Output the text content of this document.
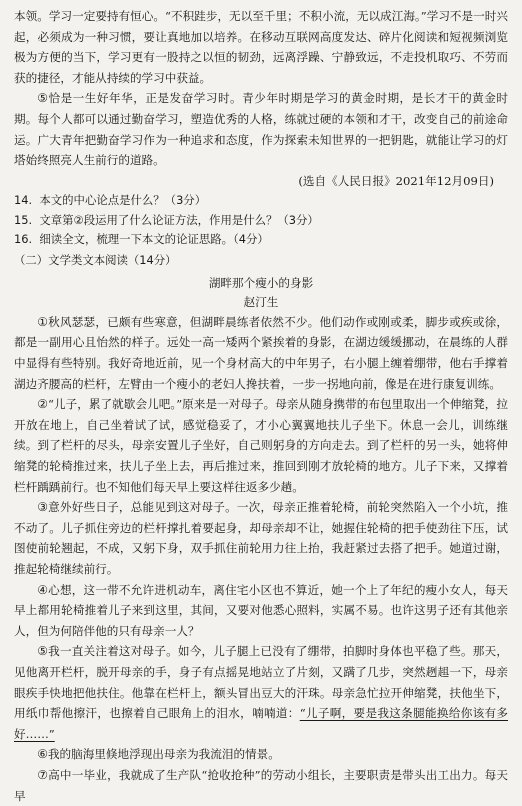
本领。学习一定要持有恒心。“不积跬步，无以至千里；不积小流，无以成江海。”学习不是一时兴起，必须成为一种习惯，要让真地加以培养。在移动互联网高度发达、碎片化阅读和短视频浏览极为方便的当下，学习更有一股持之以恒的韧劲，远离浮躁、宁静致远，不走投机取巧、不劳而获的捷径，才能从持续的学习中获益。

⑤恰是一生好年华，正是发奋学习时。青少年时期是学习的黄金时期，是长才干的黄金时期。每个人都可以通过勤奋学习，塑造优秀的人格，练就过硬的本领和才干，改变自己的前途命运。广大青年把勤奋学习作为一种追求和态度，作为探索未知世界的一把钥匙，就能让学习的灯塔始终照亮人生前行的道路。

(选自《人民日报》2021年12月09日)

14. 本文的中心论点是什么？（3分）

15. 文章第②段运用了什么论证方法，作用是什么？（3分）

16. 细读全文，梳理一下本文的论证思路。（4分）

（二）文学类文本阅读（14分）

湖畔那个瘦小的身影

赵汀生

①秋风瑟瑟，已颇有些寒意，但湖畔晨练者依然不少。他们动作或刚或柔，脚步或疾或徐，都是一副用心且怡然的样子。远处一高一矮两个紧挨着的身影，在湖边缓缓挪动，在晨练的人群中显得有些特别。我好奇地近前，见一个身材高大的中年男子，右小腿上缠着绷带，他右手撑着湖边齐腰高的栏杆，左臂由一个瘦小的老妇人搀扶着，一步一拐地向前，像是在进行康复训练。

②“儿子，累了就歇会儿吧。”原来是一对母子。母亲从随身携带的布包里取出一个伸缩凳，拉开放在地上，自己坐着试了试，感觉稳妥了，才小心翼翼地扶儿子坐下。休息一会儿，训练继续。到了栏杆的尽头，母亲安置儿子坐好，自己则躬身的方向走去。到了栏杆的另一头，她将伸缩凳的轮椅推过来，扶儿子坐上去，再后推过来，推回到刚才放轮椅的地方。儿子下来，又撑着栏杆踽踽前行。也不知他们每天早上要这样往返多少趟。

③意外好些日子，总能见到这对母子。一次，母亲正推着轮椅，前轮突然陷入一个小坑，推不动了。儿子抓住旁边的栏杆撑扎着要起身，却母亲却不让，她握住轮椅的把手使劲往下压，试图使前轮翘起，不成，又躬下身，双手抓住前轮用力往上抬，我赶紧过去搭了把手。她道过谢，推起轮椅继续前行。

④心想，这一带不允许进机动车，离住宅小区也不算近，她一个上了年纪的瘦小女人，每天早上都用轮椅推着儿子来到这里，其间，又要对他悉心照料，实属不易。也许这男子还有其他亲人，但为何陪伴他的只有母亲一人？

⑤我一直关注着这对母子。如今，儿子腿上已没有了绷带，拍脚时身体也平稳了些。那天，见他离开栏杆，脱开母亲的手，身子有点摇晃地站立了片刻，又蹒了几步，突然趔趄一下，母亲眼疾手快地把他扶住。他靠在栏杆上，额头冒出豆大的汗珠。母亲急忙拉开伸缩凳，扶他坐下，用纸巾帮他擦汗，也擦着自己眼角上的泪水，喃喃道：“儿子啊，要是我这条腿能换给你该有多好……”

⑥我的脑海里倏地浮现出母亲为我流泪的情景。

⑦高中一毕业，我就成了生产队“抢收抢种”的劳动小组长，主要职责是带头出工出力。每天早
